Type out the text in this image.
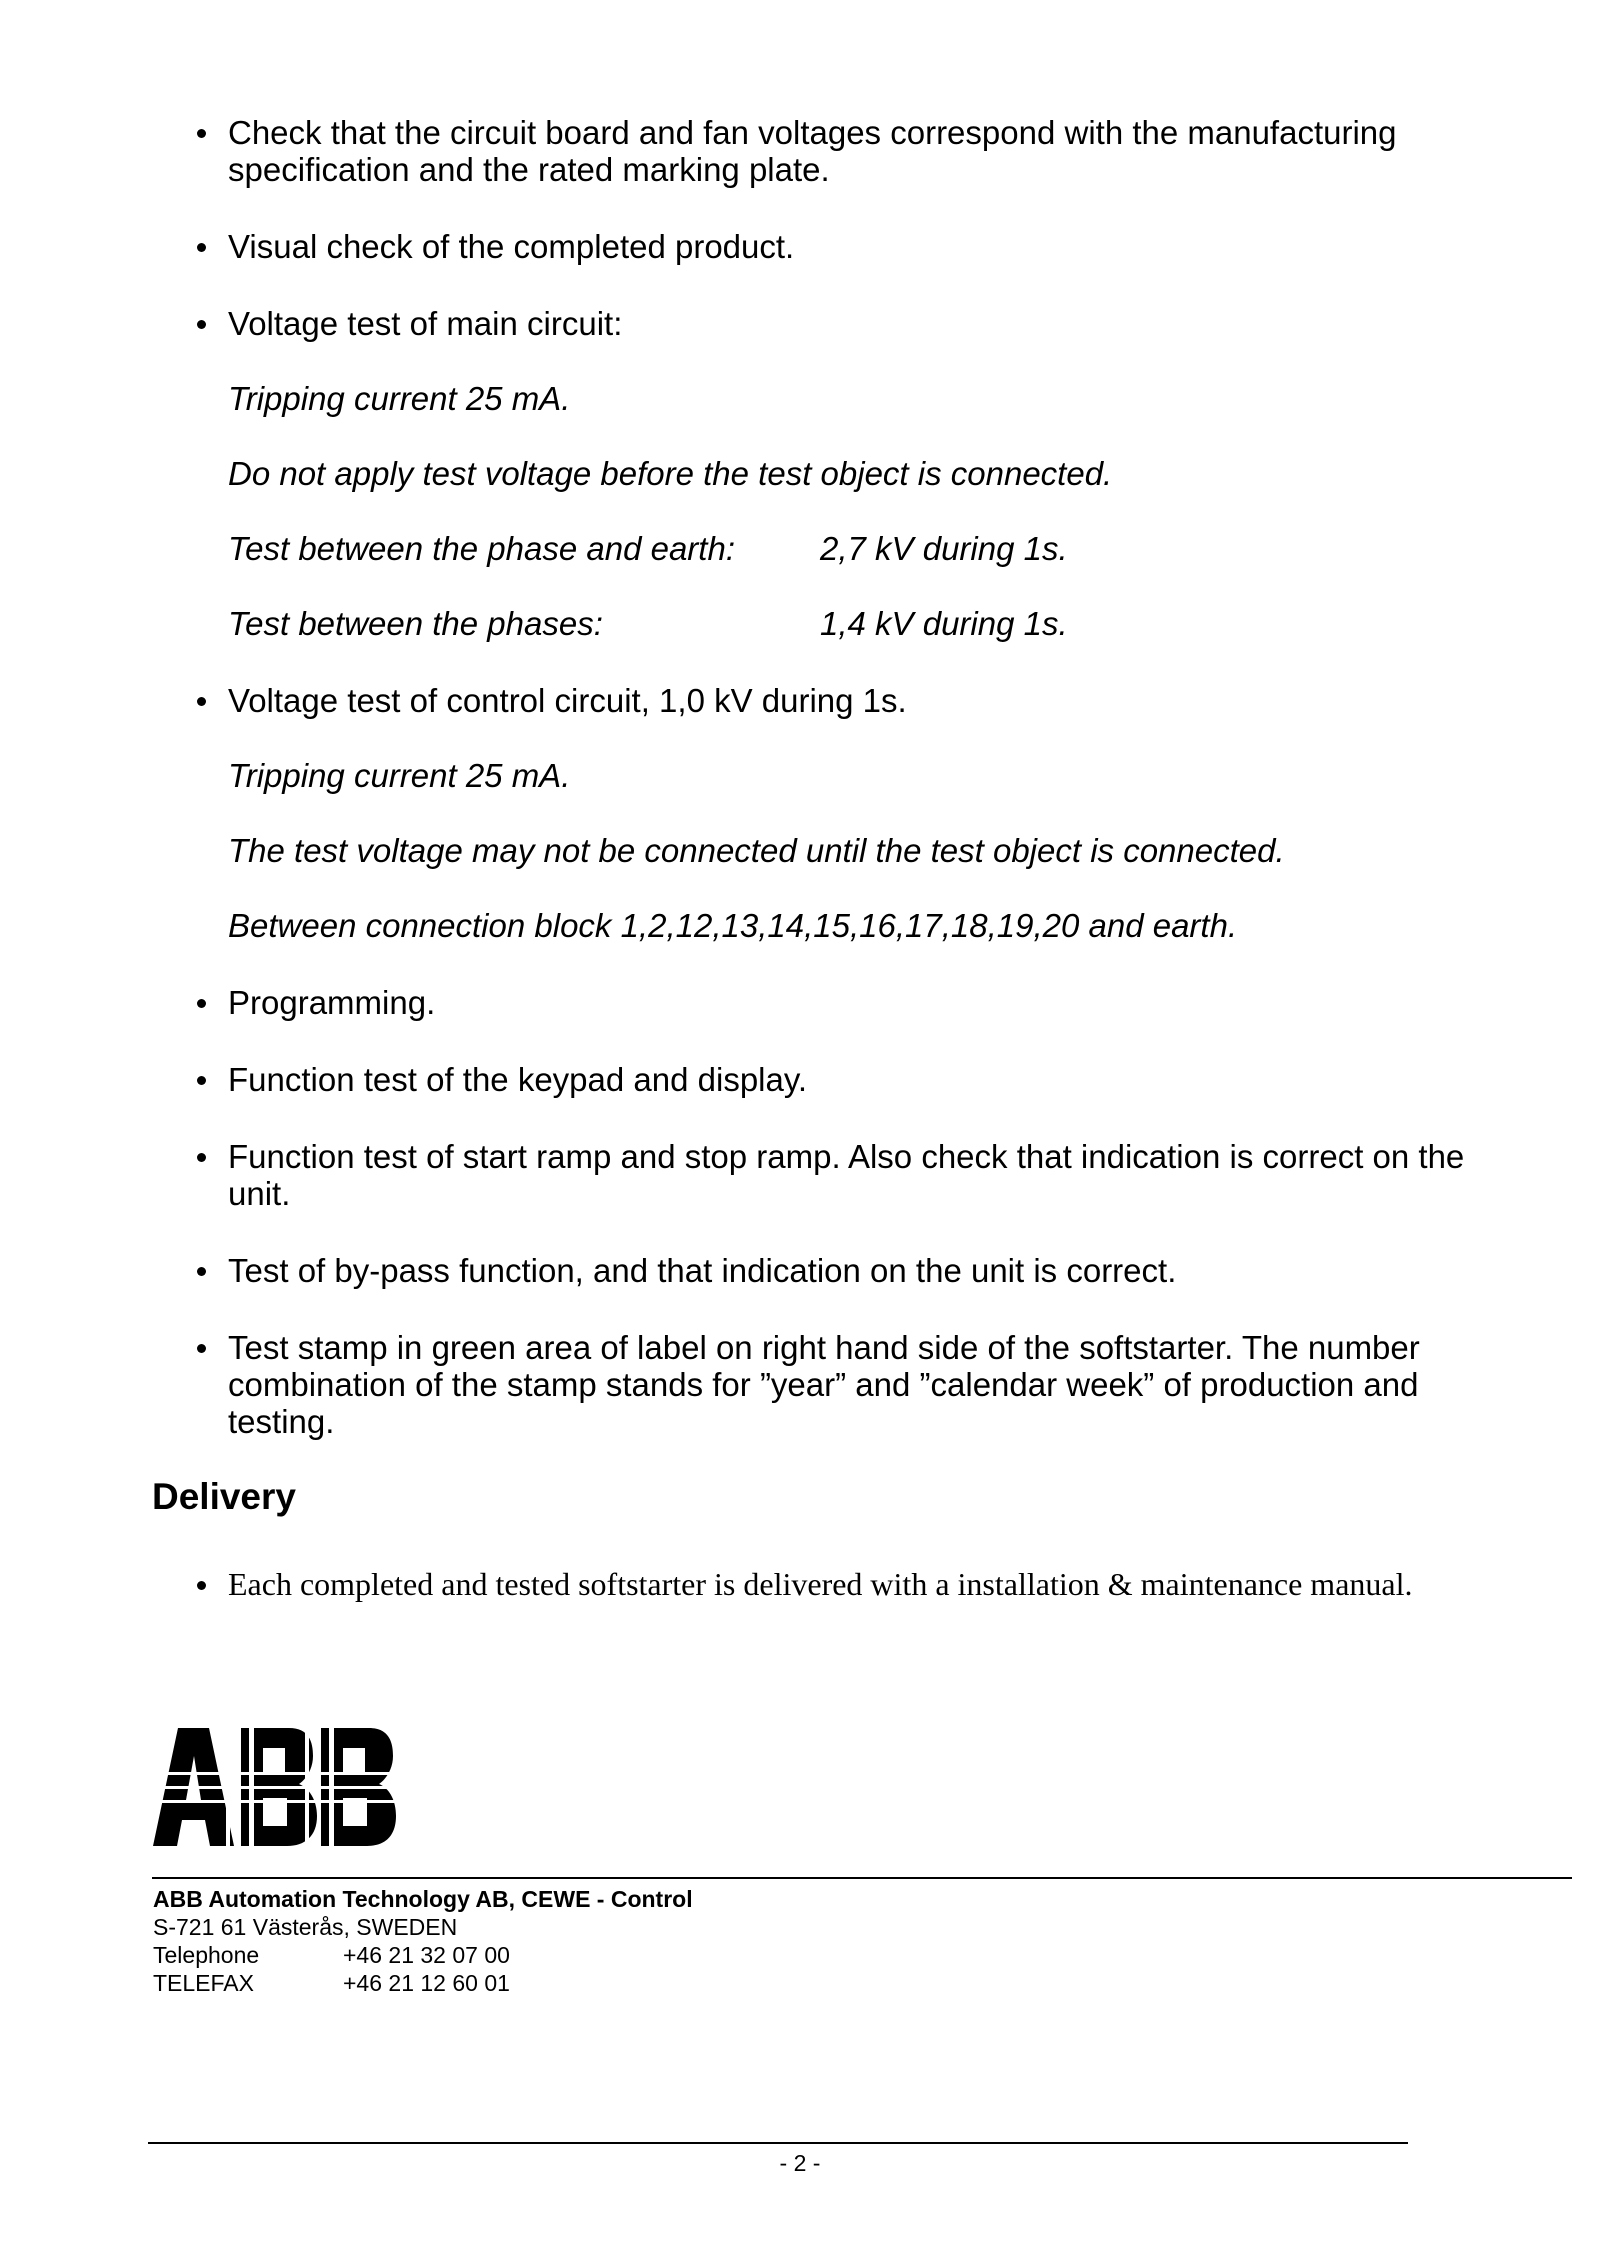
Check that the circuit board and fan voltages correspond with the manufacturing specification and the rated marking plate.
Visual check of the completed product.
Voltage test of main circuit:
Tripping current 25 mA.
Do not apply test voltage before the test object is connected.
Test between the phase and earth:	2,7 kV during 1s.
Test between the phases:	1,4 kV during 1s.
Voltage test of control circuit, 1,0 kV during 1s.
Tripping current 25 mA.
The test voltage may not be connected until the test object is connected.
Between connection block 1,2,12,13,14,15,16,17,18,19,20 and earth.
Programming.
Function test of the keypad and display.
Function test of start ramp and stop ramp. Also check that indication is correct on the unit.
Test of by-pass function, and that indication on the unit is correct.
Test stamp in green area of label on right hand side of the softstarter. The number combination of the stamp stands for ”year” and ”calendar week” of production and testing.
Delivery
Each completed and tested softstarter is delivered with a installation & maintenance manual.
ABB Automation Technology AB, CEWE - Control
S-721 61 Västerås, SWEDEN
Telephone	+46 21 32 07 00
TELEFAX	+46 21 12 60 01
- 2 -
